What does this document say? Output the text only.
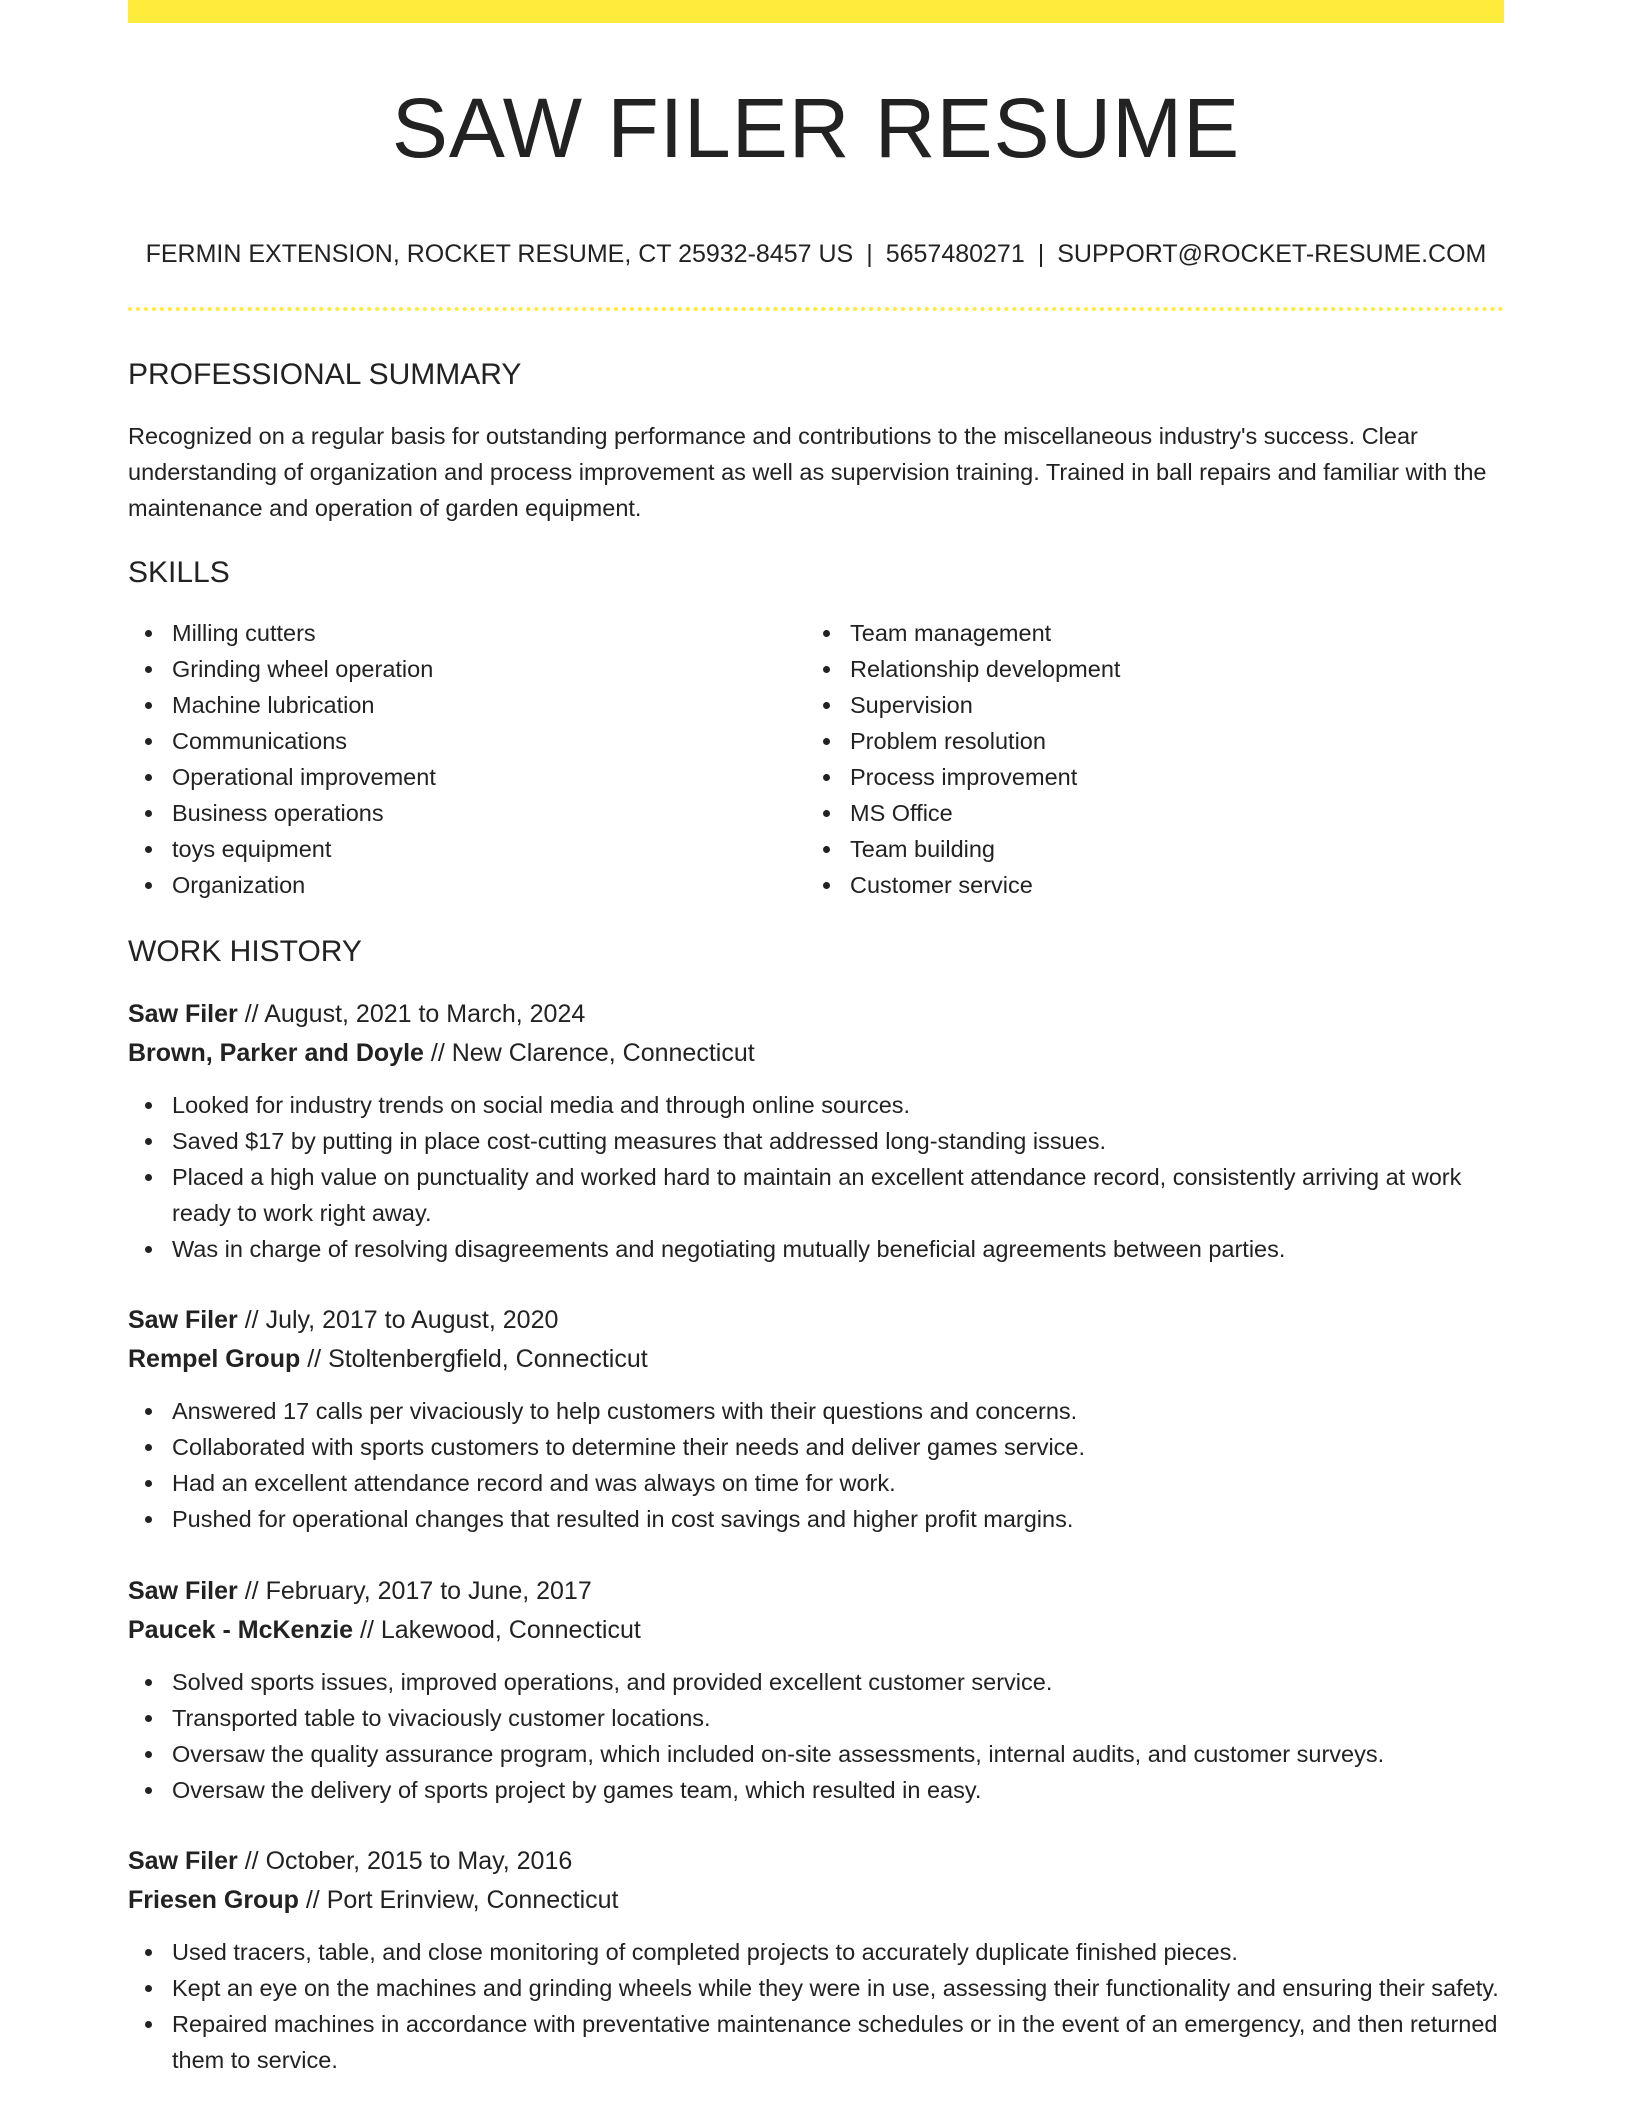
SAW FILER RESUME
FERMIN EXTENSION, ROCKET RESUME, CT 25932-8457 US | 5657480271 | SUPPORT@ROCKET-RESUME.COM
PROFESSIONAL SUMMARY

Recognized on a regular basis for outstanding performance and contributions to the miscellaneous industry's success. Clear understanding of organization and process improvement as well as supervision training. Trained in ball repairs and familiar with the maintenance and operation of garden equipment.

SKILLS
Milling cutters
Grinding wheel operation
Machine lubrication
Communications
Operational improvement
Business operations
toys equipment
Organization
Team management
Relationship development
Supervision
Problem resolution
Process improvement
MS Office
Team building
Customer service
WORK HISTORY
Saw Filer // August, 2021 to March, 2024
Brown, Parker and Doyle // New Clarence, Connecticut
Looked for industry trends on social media and through online sources.
Saved $17 by putting in place cost-cutting measures that addressed long-standing issues.
Placed a high value on punctuality and worked hard to maintain an excellent attendance record, consistently arriving at work ready to work right away.
Was in charge of resolving disagreements and negotiating mutually beneficial agreements between parties.
Saw Filer // July, 2017 to August, 2020
Rempel Group // Stoltenbergfield, Connecticut
Answered 17 calls per vivaciously to help customers with their questions and concerns.
Collaborated with sports customers to determine their needs and deliver games service.
Had an excellent attendance record and was always on time for work.
Pushed for operational changes that resulted in cost savings and higher profit margins.
Saw Filer // February, 2017 to June, 2017
Paucek - McKenzie // Lakewood, Connecticut
Solved sports issues, improved operations, and provided excellent customer service.
Transported table to vivaciously customer locations.
Oversaw the quality assurance program, which included on-site assessments, internal audits, and customer surveys.
Oversaw the delivery of sports project by games team, which resulted in easy.
Saw Filer // October, 2015 to May, 2016
Friesen Group // Port Erinview, Connecticut
Used tracers, table, and close monitoring of completed projects to accurately duplicate finished pieces.
Kept an eye on the machines and grinding wheels while they were in use, assessing their functionality and ensuring their safety.
Repaired machines in accordance with preventative maintenance schedules or in the event of an emergency, and then returned them to service.
